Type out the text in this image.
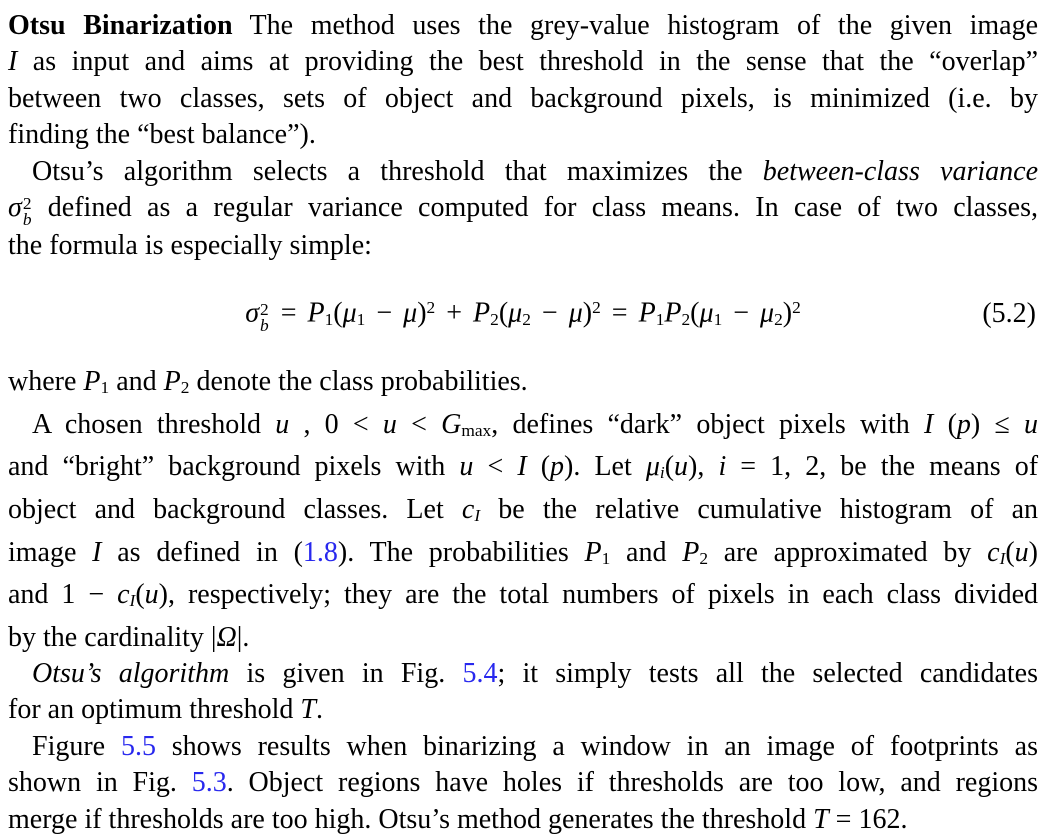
Otsu Binarization The method uses the grey-value histogram of the given image
I as input and aims at providing the best threshold in the sense that the “overlap”
between two classes, sets of object and background pixels, is minimized (i.e. by
finding the “best balance”).
Otsu’s algorithm selects a threshold that maximizes the between-class variance
σ 2
b defined as a regular variance computed for class means. In case of two classes,
the formula is especially simple:
σ 2
$b = P1(\mu 1 - \mu)^2 + P2(\mu 2 - \mu)^2 = P1P2(\mu 1 - \mu 2)^2$	(5.2)
where P1 and P2 denote the class probabilities.
A chosen threshold u , 0 < u < Gmax, defines “dark” object pixels with I (p) ≤ u
and “bright” background pixels with u < I (p). Let μi(u), i = 1, 2, be the means of
object and background classes. Let cI be the relative cumulative histogram of an
image I as defined in (1.8). The probabilities P1 and P2 are approximated by cI(u)
and 1 − cI(u), respectively; they are the total numbers of pixels in each class divided
by the cardinality |Ω|.
Otsu’s algorithm is given in Fig. 5.4; it simply tests all the selected candidates
for an optimum threshold T.
Figure 5.5 shows results when binarizing a window in an image of footprints as
shown in Fig. 5.3. Object regions have holes if thresholds are too low, and regions
merge if thresholds are too high. Otsu’s method generates the threshold T = 162.
